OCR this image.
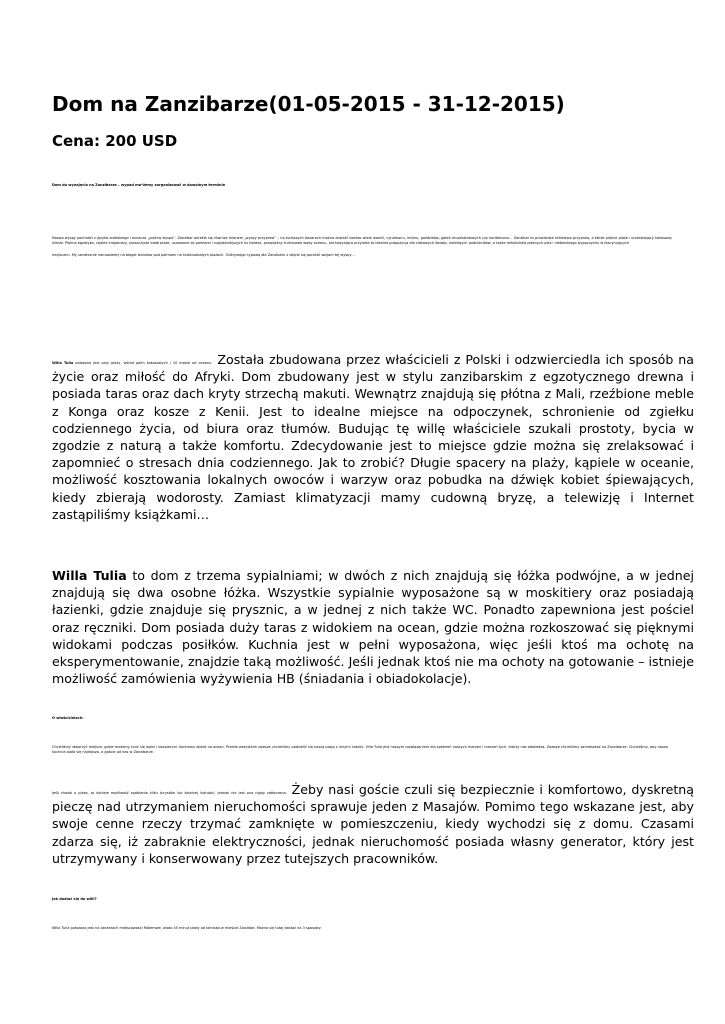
Dom na Zanzibarze(01-05-2015 - 31-12-2015)
Cena: 200 USD
Dom do wynajęcia na Zanzibarze – wypad mo*żemy zorganizować w dowolnym terminie

Nazwa wyspy pochodzi z języka arabskiego i oznacza „piękną wyspę”. Zanzibar określa się również mianem „wyspy przypraw” – na tutejszych bazarach można znaleźć bardzo wiele wanilii, cynamonu, imbiru, goździków, gałek muszkatołowych czy kardamonu… Zanzibar to prawdziwe królestwo przypraw, a także piękne plaże i orzeźwiający kokosowy klimat. Piękna egzotyka, rajskie krajobrazy, piaszczyste białe plaże, usnowane za palmami i najpiękniejszych ku bardzo, przepiękny turkusowe wody oceanu, zachwycająca przyroda to idealna propozycja dla ciekawych świata, urokliwych podróżników, a także miłośników pięknych plaż i niebieskiego wypoczynku w fascynujących

miejscach. My serdecznie namawiamy na błogie lenistwo pod palmami na śnieżnobiałych plażach. Odkrywając typową dla Zanzibaru z dajcie się ponieść wizjom tej wyspy…

Willa Tulia położona jest przy plaży, wśród palm kokosowych i 10 krokie od oceanu. Została zbudowana przez właścicieli z Polski i odzwierciedla ich sposób na życie oraz miłość do Afryki. Dom zbudowany jest w stylu zanzibarskim z egzotycznego drewna i posiada taras oraz dach kryty strzechą makuti. Wewnątrz znajdują się płótna z Mali, rzeźbione meble z Konga oraz kosze z Kenii. Jest to idealne miejsce na odpoczynek, schronienie od zgiełku codziennego życia, od biura oraz tłumów. Budując tę willę właściciele szukali prostoty, bycia w zgodzie z naturą a także komfortu. Zdecydowanie jest to miejsce gdzie można się zrelaksować i zapomnieć o stresach dnia codziennego. Jak to zrobić? Długie spacery na plaży, kąpiele w oceanie, możliwość kosztowania lokalnych owoców i warzyw oraz pobudka na dźwięk kobiet śpiewających, kiedy zbierają wodorosty. Zamiast klimatyzacji mamy cudowną bryzę, a telewizję i Internet zastąpiliśmy książkami…

Willa Tulia to dom z trzema sypialniami; w dwóch z nich znajdują się łóżka podwójne, a w jednej znajdują się dwa osobne łóżka. Wszystkie sypialnie wyposażone są w moskitiery oraz posiadają łazienki, gdzie znajduje się prysznic, a w jednej z nich także WC. Ponadto zapewniona jest pościel oraz ręczniki. Dom posiada duży taras z widokiem na ocean, gdzie można rozkoszować się pięknymi widokami podczas posiłków. Kuchnia jest w pełni wyposażona, więc jeśli ktoś ma ochotę na eksperymentowanie, znajdzie taką możliwość. Jeśli jednak ktoś nie ma ochoty na gotowanie – istnieje możliwość zamówienia wyżywienia HB (śniadania i obiadokolacje).

O właścicielach:

Chcieliśmy stworzyć miejsce, gdzie możemy czuć się wolni i bezpieczni. Kochamy widok na ocean. Przede wszystkim zawsze chcieliśmy podzielić się naszą pasją z innymi ludźmi. Villa Tulia jest naszym rozwiązaniem dla spełnień naszych marzeń i marzeń tych, którzy nas odwiedzą. Zawsze chcieliśmy zamieszkać na Zanzibarze. Chcieliśmy, aby nasza kuchnia stała się najlepsza, a goście od nas w Zanzibarze.

Jeśli chodzi o plażę, to istnieje możliwość spotkania kilku turystów lub lokalnej ludności, jednak nie jest ona nigdy zatłoczona. Żeby nasi goście czuli się bezpiecznie i komfortowo, dyskretną pieczę nad utrzymaniem nieruchomości sprawuje jeden z Masajów. Pomimo tego wskazane jest, aby swoje cenne rzeczy trzymać zamknięte w pomieszczeniu, kiedy wychodzi się z domu. Czasami zdarza się, iż zabraknie elektryczności, jednak nieruchomość posiada własny generator, który jest utrzymywany i konserwowany przez tutejszych pracowników.

Jak dostać się do willi?

Willa Tulia położona jest na obrzeżach miejscowości Matemwe, około 45 minut jazdy od lotniska w mieście Zanzibar. Można się tutaj dostać na 3 sposoby:
